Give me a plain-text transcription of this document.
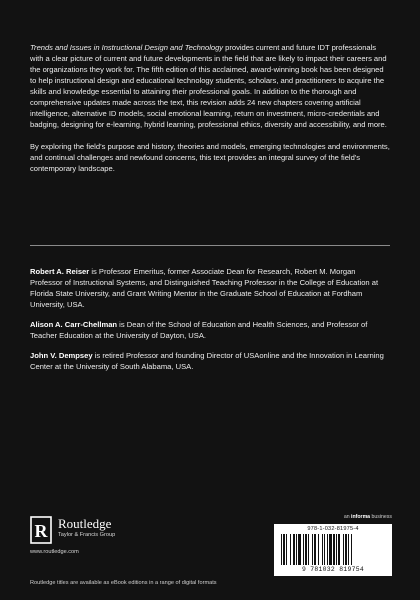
Trends and Issues in Instructional Design and Technology provides current and future IDT professionals with a clear picture of current and future developments in the field that are likely to impact their careers and the organizations they work for. The fifth edition of this acclaimed, award-winning book has been designed to help instructional design and educational technology students, scholars, and practitioners to acquire the skills and knowledge essential to attaining their professional goals. In addition to the thorough and comprehensive updates made across the text, this revision adds 24 new chapters covering artificial intelligence, alternative ID models, social emotional learning, return on investment, micro-credentials and badging, designing for e-learning, hybrid learning, professional ethics, diversity and accessibility, and more.

By exploring the field’s purpose and history, theories and models, emerging technologies and environments, and continual challenges and newfound concerns, this text provides an integral survey of the field’s contemporary landscape.

Robert A. Reiser is Professor Emeritus, former Associate Dean for Research, Robert M. Morgan Professor of Instructional Systems, and Distinguished Teaching Professor in the College of Education at Florida State University, and Grant Writing Mentor in the Graduate School of Education at Fordham University, USA.

Alison A. Carr-Chellman is Dean of the School of Education and Health Sciences, and Professor of Teacher Education at the University of Dayton, USA.

John V. Dempsey is retired Professor and founding Director of USAonline and the Innovation in Learning Center at the University of South Alabama, USA.

R Routledge
Taylor & Francis Group
www.routledge.com
an informa business
978-1-032-81975-4
9 781032 819754
Routledge titles are available as eBook editions in a range of digital formats
